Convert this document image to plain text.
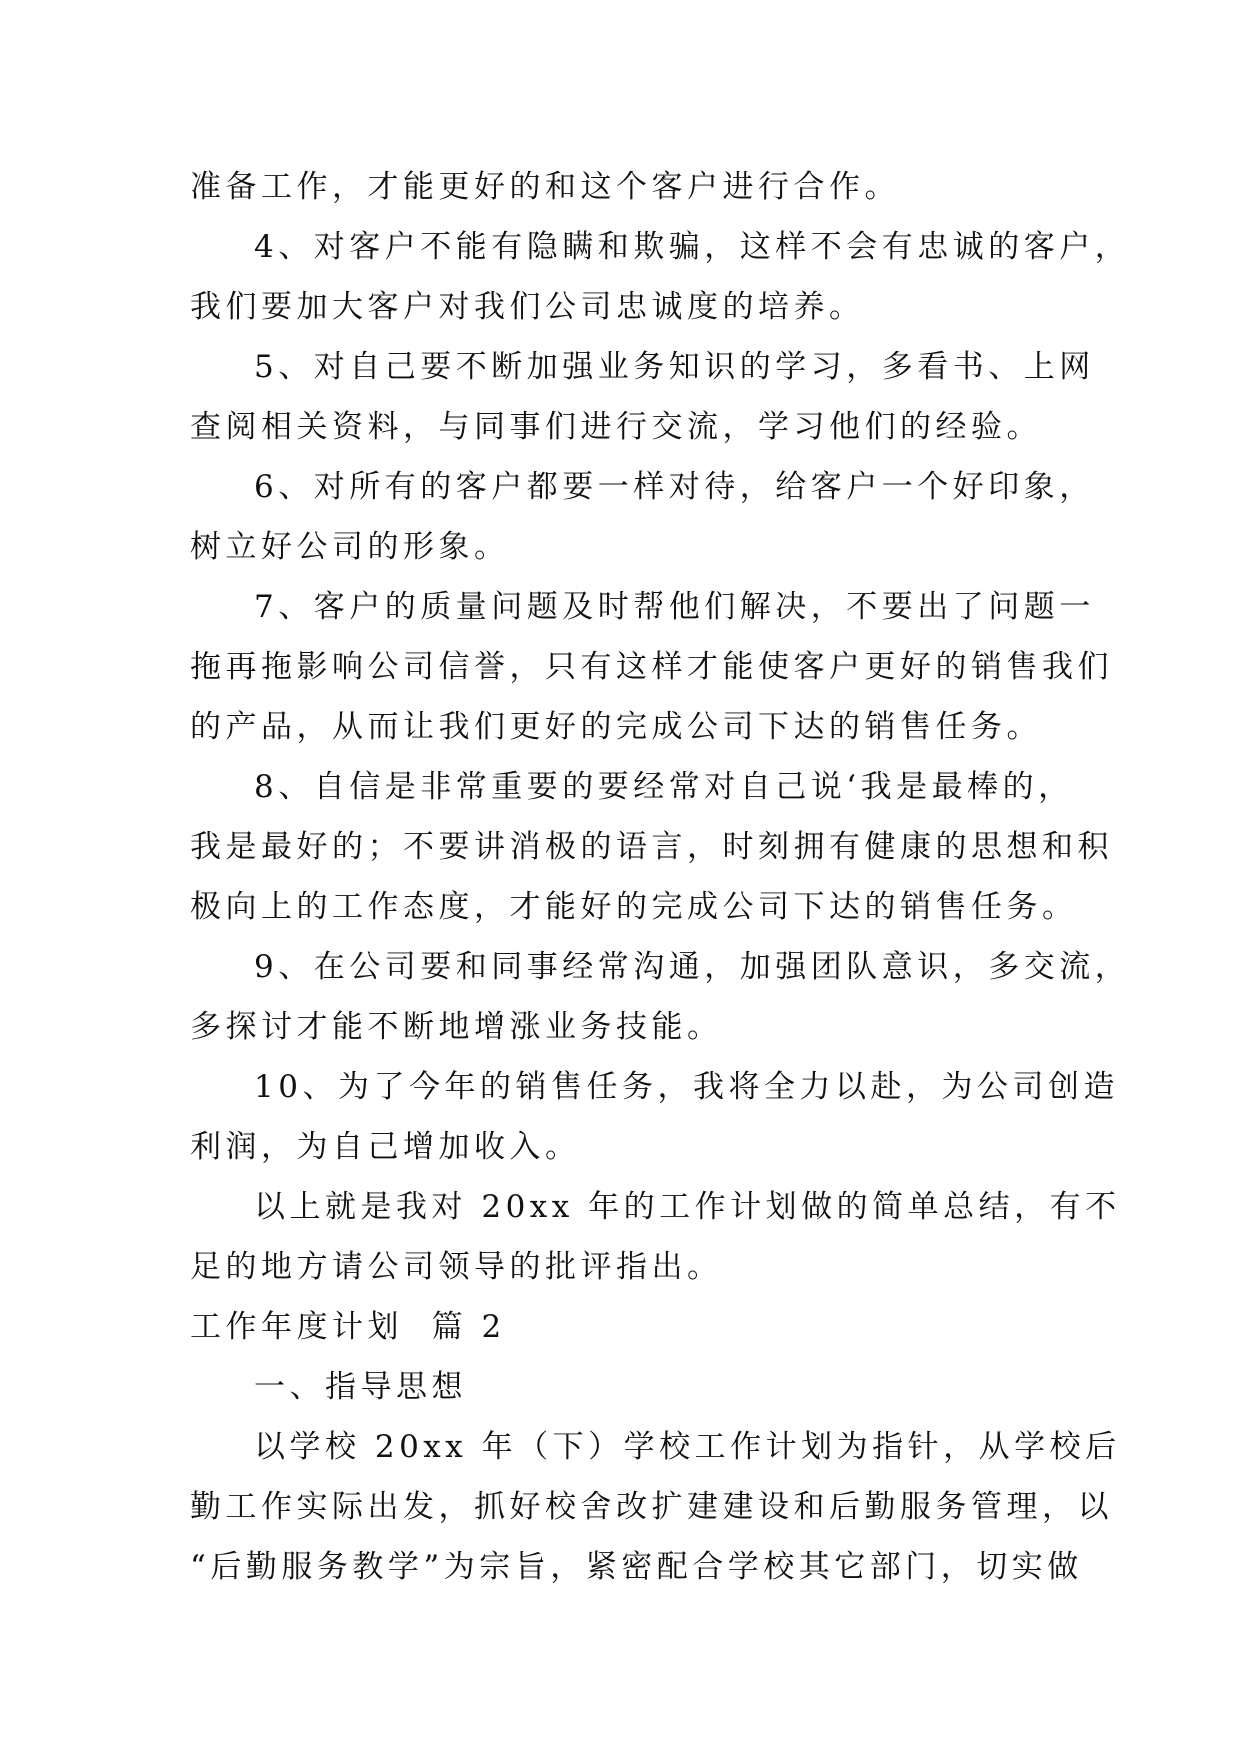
准备工作，才能更好的和这个客户进行合作。
4、对客户不能有隐瞒和欺骗，这样不会有忠诚的客户，
我们要加大客户对我们公司忠诚度的培养。
5、对自己要不断加强业务知识的学习，多看书、上网
查阅相关资料，与同事们进行交流，学习他们的经验。
6、对所有的客户都要一样对待，给客户一个好印象，
树立好公司的形象。
7、客户的质量问题及时帮他们解决，不要出了问题一
拖再拖影响公司信誉，只有这样才能使客户更好的销售我们
的产品，从而让我们更好的完成公司下达的销售任务。
8、自信是非常重要的要经常对自己说‘我是最棒的，
我是最好的；不要讲消极的语言，时刻拥有健康的思想和积
极向上的工作态度，才能好的完成公司下达的销售任务。
9、在公司要和同事经常沟通，加强团队意识，多交流，
多探讨才能不断地增涨业务技能。
10、为了今年的销售任务，我将全力以赴，为公司创造
利润，为自己增加收入。
以上就是我对 20xx 年的工作计划做的简单总结，有不
足的地方请公司领导的批评指出。
工作年度计划  篇 2
一、指导思想
以学校 20xx 年（下）学校工作计划为指针，从学校后
勤工作实际出发，抓好校舍改扩建建设和后勤服务管理，以
“后勤服务教学”为宗旨，紧密配合学校其它部门，切实做
